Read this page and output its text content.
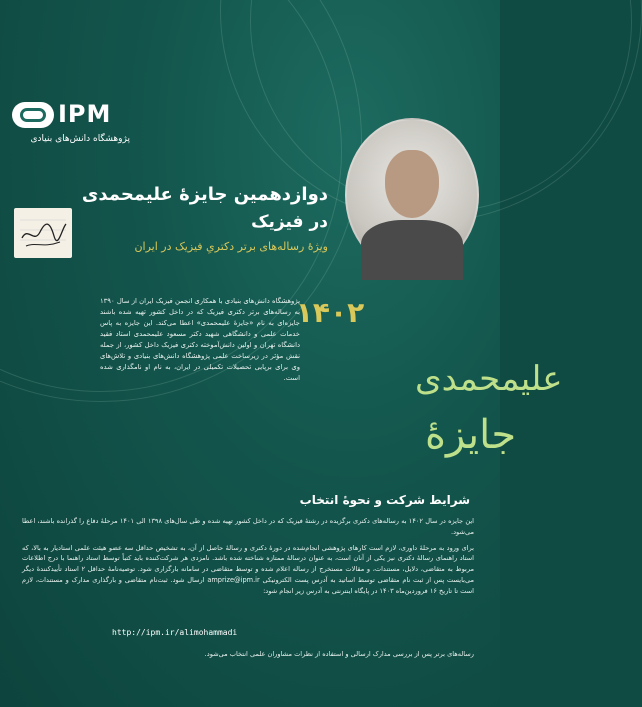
IPM
پژوهشگاه دانش‌های بنیادی
دوازدهمین جایزهٔ علیمحمدی
در فیزیک
ویژهٔ رساله‌های برتر دکتریِ فیزیک در ایران
پژوهشگاه دانش‌های بنیادی با همکاری انجمن فیزیک ایران از سال ۱۳۹۰ به رساله‌های برتر دکتری فیزیک که در داخل کشور تهیه شده باشند جایزه‌ای به نام «جایزهٔ علیمحمدی» اعطا می‌کند. این جایزه به پاس خدمات علمی و دانشگاهی شهید دکتر مسعود علیمحمدی استاد فقید دانشگاه تهران و اولین دانش‌آموخته دکتری فیزیک داخل کشور، از جمله نقش مؤثر در زیرساخت علمی پژوهشگاه دانش‌های بنیادی و تلاش‌های وی برای برپایی تحصیلات تکمیلی در ایران، به نام او نامگذاری شده است.
۱۴۰۲
علیمحمدی
جایزهٔ
شرایط شرکت و نحوهٔ انتخاب

این جایزه در سال ۱۴۰۲ به رساله‌های دکتری برگزیده در رشتهٔ فیزیک که در داخل کشور تهیه شده و طی سال‌های ۱۳۹۸ الی ۱۴۰۱ مرحلهٔ دفاع را گذرانده باشند، اعطا می‌شود.

برای ورود به مرحلهٔ داوری، لازم است کارهای پژوهشی انجام‌شده در دورهٔ دکتری و رسالهٔ حاصل از آن، به تشخیص حداقل سه عضو هیئت علمی استادیار به بالا، که استاد راهنمای رسالهٔ دکتری نیز یکی از آنان است، به عنوان درسالهٔ ممتازه شناخته شده باشد. نامزدی هر شرکت‌کننده باید کتباً توسط استاد راهنما با درج اطلاعات مربوط به متقاضی، دلایل، مستندات، و مقالات مستخرج از رساله اعلام شده و توسط متقاضی در سامانه بارگزاری شود. توصیه‌نامهٔ حداقل ۲ استاد تأییدکنندهٔ دیگر می‌بایست پس از ثبت نام متقاضی توسط اساتید به آدرس پست الکترونیکی amprize@ipm.ir ارسال شود. ثبت‌نام متقاضی و بارگذاری مدارک و مستندات، لازم است تا تاریخ ۱۶ فروردین‌ماه ۱۴۰۳ در پایگاه اینترنتی به آدرس زیر انجام شود:

http://ipm.ir/alimohammadi
رساله‌های برتر پس از بررسی مدارک ارسالی و استفاده از نظرات مشاوران علمی انتخاب می‌شود.
